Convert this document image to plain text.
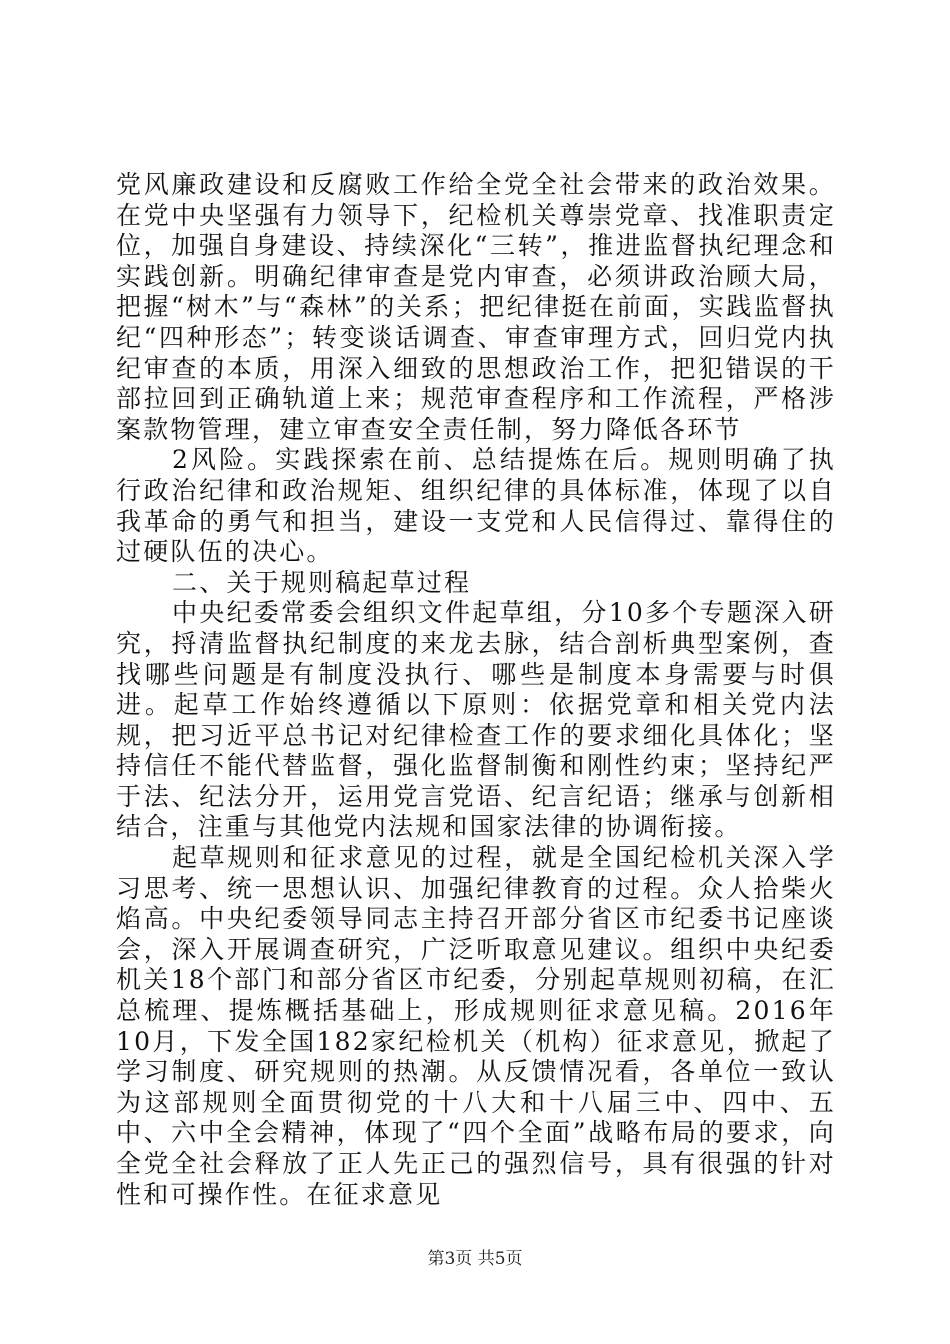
党风廉政建设和反腐败工作给全党全社会带来的政治效果。在党中央坚强有力领导下，纪检机关尊崇党章、找准职责定位，加强自身建设、持续深化“三转”，推进监督执纪理念和实践创新。明确纪律审查是党内审查，必须讲政治顾大局，把握“树木”与“森林”的关系；把纪律挺在前面，实践监督执纪“四种形态”；转变谈话调查、审查审理方式，回归党内执纪审查的本质，用深入细致的思想政治工作，把犯错误的干部拉回到正确轨道上来；规范审查程序和工作流程，严格涉案款物管理，建立审查安全责任制，努力降低各环节

2风险。实践探索在前、总结提炼在后。规则明确了执行政治纪律和政治规矩、组织纪律的具体标准，体现了以自我革命的勇气和担当，建设一支党和人民信得过、靠得住的过硬队伍的决心。

二、关于规则稿起草过程

中央纪委常委会组织文件起草组，分10多个专题深入研究，捋清监督执纪制度的来龙去脉，结合剖析典型案例，查找哪些问题是有制度没执行、哪些是制度本身需要与时俱进。起草工作始终遵循以下原则：依据党章和相关党内法规，把习近平总书记对纪律检查工作的要求细化具体化；坚持信任不能代替监督，强化监督制衡和刚性约束；坚持纪严于法、纪法分开，运用党言党语、纪言纪语；继承与创新相结合，注重与其他党内法规和国家法律的协调衔接。

起草规则和征求意见的过程，就是全国纪检机关深入学习思考、统一思想认识、加强纪律教育的过程。众人拾柴火焰高。中央纪委领导同志主持召开部分省区市纪委书记座谈会，深入开展调查研究，广泛听取意见建议。组织中央纪委机关18个部门和部分省区市纪委，分别起草规则初稿，在汇总梳理、提炼概括基础上，形成规则征求意见稿。2016年10月，下发全国182家纪检机关（机构）征求意见，掀起了学习制度、研究规则的热潮。从反馈情况看，各单位一致认为这部规则全面贯彻党的十八大和十八届三中、四中、五中、六中全会精神，体现了“四个全面”战略布局的要求，向全党全社会释放了正人先正己的强烈信号，具有很强的针对性和可操作性。在征求意见

第3页 共5页
